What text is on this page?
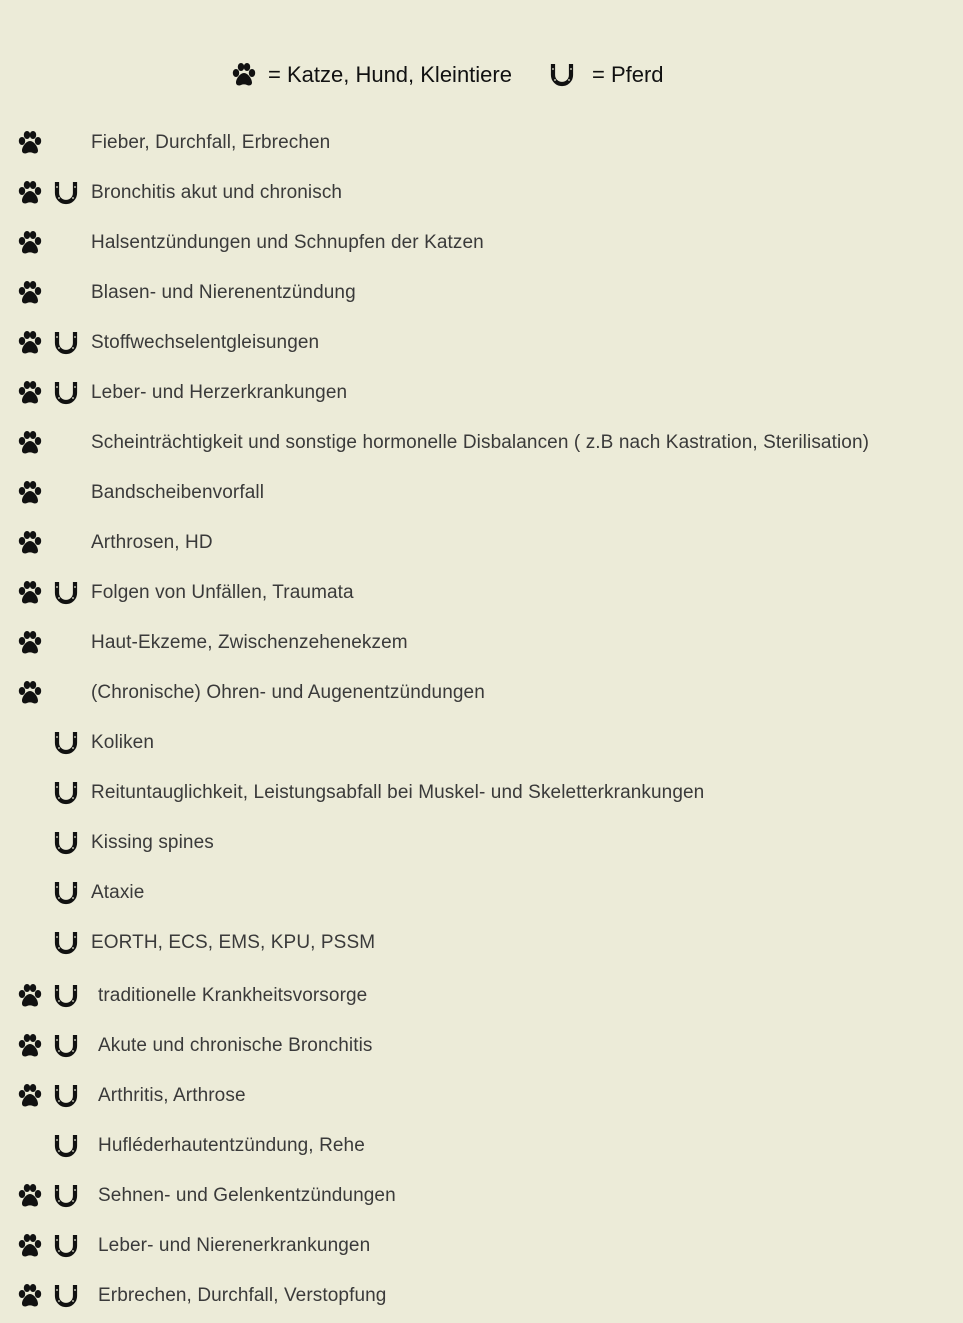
= Katze, Hund, Kleintiere	= Pferd
Fieber, Durchfall, Erbrechen
Bronchitis akut und chronisch
Halsentzündungen und Schnupfen der Katzen
Blasen- und Nierenentzündung
Stoffwechselentgleisungen
Leber- und Herzerkrankungen
Scheinträchtigkeit und sonstige hormonelle Disbalancen ( z.B nach Kastration, Sterilisation)
Bandscheibenvorfall
Arthrosen, HD
Folgen von Unfällen, Traumata
Haut-Ekzeme, Zwischenzehenekzem
(Chronische) Ohren- und Augenentzündungen
Koliken
Reituntauglichkeit, Leistungsabfall bei Muskel- und Skeletterkrankungen
Kissing spines
Ataxie
EORTH, ECS, EMS, KPU, PSSM
traditionelle Krankheitsvorsorge
Akute und chronische Bronchitis
Arthritis, Arthrose
Hufléderhautentzündung, Rehe
Sehnen- und Gelenkentzündungen
Leber- und Nierenerkrankungen
Erbrechen, Durchfall, Verstopfung
